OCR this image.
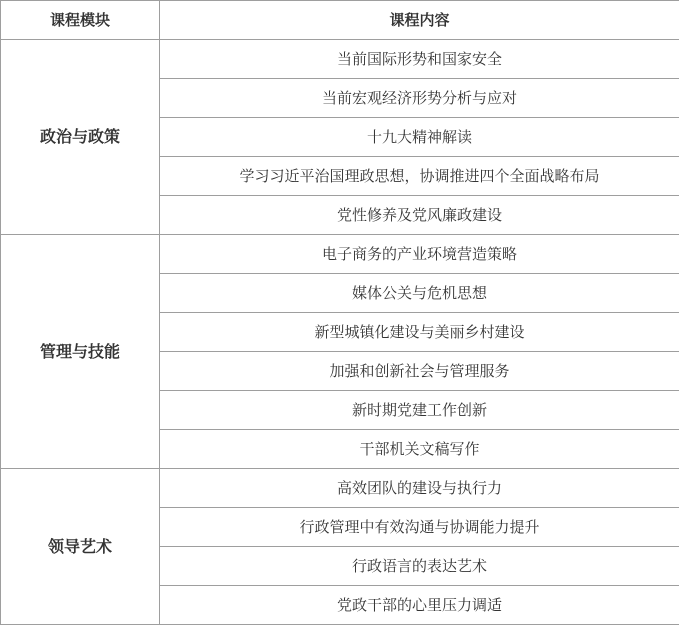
课程模块	课程内容
政治与政策	当前国际形势和国家安全
	当前宏观经济形势分析与应对
	十九大精神解读
	学习习近平治国理政思想，协调推进四个全面战略布局
	党性修养及党风廉政建设
管理与技能	电子商务的产业环境营造策略
	媒体公关与危机思想
	新型城镇化建设与美丽乡村建设
	加强和创新社会与管理服务
	新时期党建工作创新
	干部机关文稿写作
领导艺术	高效团队的建设与执行力
	行政管理中有效沟通与协调能力提升
	行政语言的表达艺术
	党政干部的心里压力调适
